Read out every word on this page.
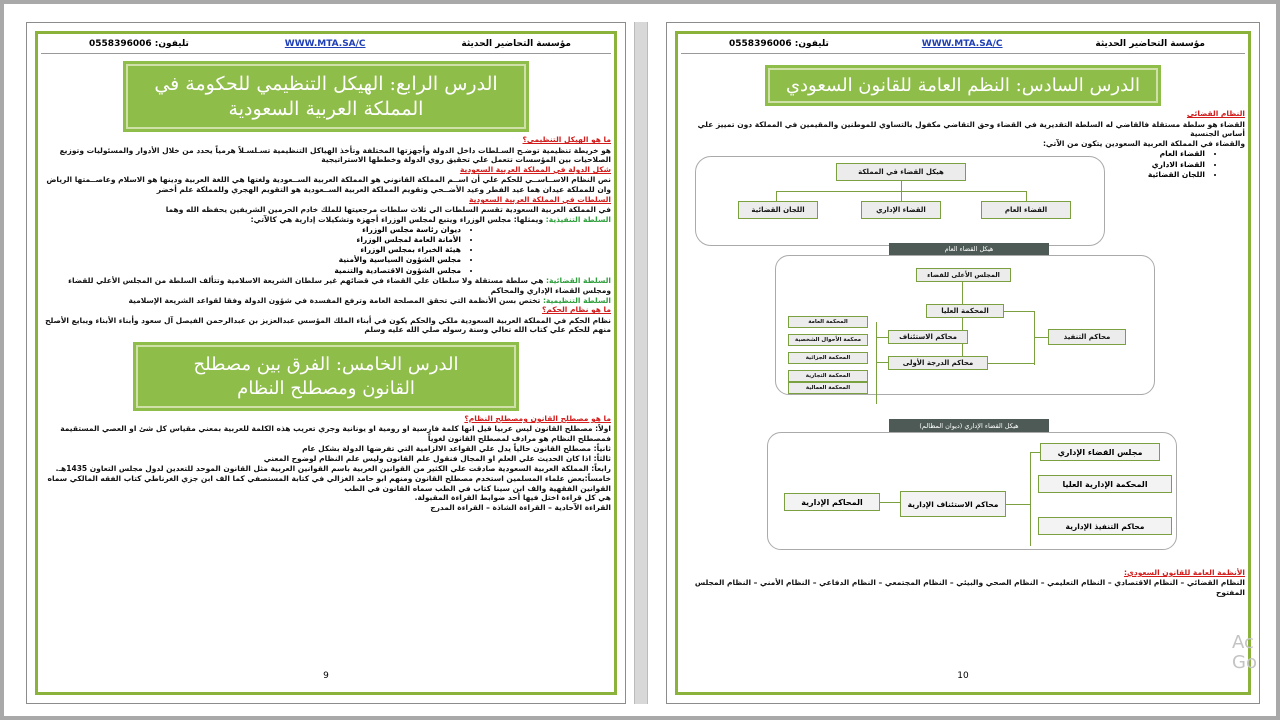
مؤسسة التحاضير الحديثة
WWW.MTA.SA/C
تليفون: 0558396006
الدرس الرابع: الهيكل التنظيمي للحكومة في المملكة العربية السعودية
ما هو الهيكل التنظيمي؟
هو خريطة تنظيمية توضـح السـلطات داخل الدولة وأجهزتها المختلفة وتأخذ الهياكل التنظيمية تسـلسـلاً هرمياً يحدد من خلال الأدوار والمسئوليات وتوزيع الصلاحيات بين المؤسسات تتعمل علي تحقيق روي الدولة وخططها الاستراتيجية
شكل الدولة في المملكة العربية السعودية
نص النظام الاســاســي للحكم علي أن اســم المملكة القانوني هو المملكة العربية الســعودية ولغتها هي اللغة العربية ودينها هو الاسلام وعاصــمتها الرياض وان للمملكة عيدان هما عيد الفطر وعيد الأضــحي وتقويم المملكة العربية الســعودية هو التقويم الهجري وللمملكة علم أخضر
السلطات في المملكة العربية السعودية
في المملكة العربية السعودية تقسم السلطات الي ثلاث سلطات مرجعيتها للملك خادم الحرمين الشريفين يحفظه الله وهما
السلطة التنفيذية: ويمثلها: مجلس الوزراء ويتبع لمجلس الوزراء أجهزة وتشكيلات إدارية هي كالآتي:
• ديوان رئاسة مجلس الوزراء
• الأمانة العامة لمجلس الوزراء
• هيئة الخبراء بمجلس الوزراء
• مجلس الشؤون السياسية والأمنية
• مجلس الشؤون الاقتصادية والتنمية
السلطة القضائية: هي سلطة مستقلة ولا سلطان علي القضاء في قضائهم غير سلطان الشريعة الاسلامية وتتألف السلطة من المجلس الأعلي للقضاء ومجلس القضاء الإداري والمحاكم
السلطة التنظيمية: تختص بسن الأنظمة التي تحقق المصلحة العامة وترفع المفسدة في شؤون الدولة وفقا لقواعد الشريعة الإسلامية
ما هو نظام الحكم؟
نظام الحكم في المملكة العربية السعودية ملكي والحكم يكون في أبناء الملك المؤسس عبدالعزيز بن عبدالرحمن الفيصل آل سعود وأبناء الأبناء ويبايع الأصلح منهم للحكم علي كتاب الله تعالي وسنة رسوله صلي الله عليه وسلم
الدرس الخامس: الفرق بين مصطلح القانون ومصطلح النظام
ما هو مصطلح القانون ومصطلح النظام؟
اولاً: مصطلح القانون ليس عربيا قيل انها كلمة فارسية او رومية او يونانية وجري تعريب هذه الكلمة للعربية بمعني مقياس كل شئ او العصي المستقيمة فمصطلح النظام هو مرادف لمصطلح القانون لغوياً
ثانياً: مصطلح القانون حالياً يدل علي القواعد الالزامية التي تفرضها الدولة بشكل عام
ثالثاً: اذا كان الحديث علي العلم او المجال فنقول علم القانون وليس علم النظام لوضوح المعني
رابعاً: المملكة العربية السعودية صادقت علي الكثير من القوانين العربية باسم القوانين العربية مثل القانون الموحد للتعدين لدول مجلس التعاون 1435هـ.
خامساً:بعض علماء المسلمين استخدم مصطلح القانون ومنهم ابو حامد الغزالي في كتابة المستصفي كما الف ابن جزي الغرناطي كتاب الفقه المالكي سماه القوانين الفقهية والف ابن سينا كتاب في الطب سماه القانون في الطب
هي كل قراءة اختل فيها أحد ضوابط القراءة المقبولة.
القراءة الآحادية – القراءة الشاذة – القراءة المدرج
9
مؤسسة التحاضير الحديثة
WWW.MTA.SA/C
تليفون: 0558396006
الدرس السادس: النظم العامة للقانون السعودي
النظام القضائي
القضاء هو سلطة مستقلة فالقاضي له السلطة التقديرية في القضاء وحق التقاضي مكفول بالتساوي للموطنين والمقيمين في المملكة دون تمييز علي أساس الجنسية
والقضاء في المملكة العربية السعودين يتكون من الآتي:
• القضاء العام
• القضاء الاداري
• اللجان القضائية
هيكل القضاء في المملكة
اللجان القضائية	القضاء الإداري	القضاء العام
هيكل القضاء العام
المجلس الأعلى للقضاء
المحكمة العليا
محاكم الاستئناف
محاكم الدرجة الأولى
محاكم التنفيذ
المحكمة العامة
محكمة الأحوال الشخصية
المحكمة الجزائية
المحكمة التجارية
المحكمة العمالية
هيكل القضاء الإداري (ديوان المظالم)
مجلس القضاء الإداري
المحكمة الإدارية العليا
محاكم الاستئناف الإدارية
محاكم التنفيذ الإدارية
المحاكم الإدارية
الأنظمة العامة للقانون السعودي:
النظام القضائي – النظام الاقتصادي – النظام التعليمي – النظام الصحي والبيئي – النظام المجتمعي – النظام الدفاعي – النظام الأمني – النظام المجلس المفتوح
10
Ac
Go
